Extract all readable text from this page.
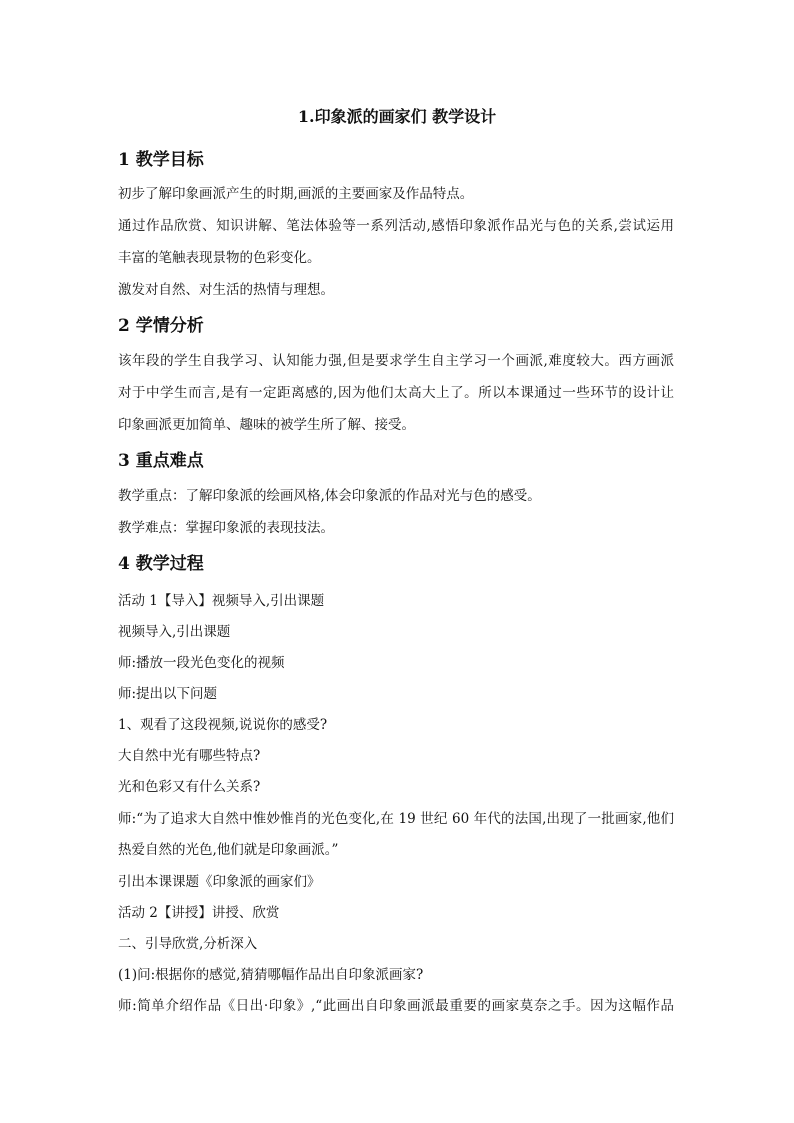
1.印象派的画家们 教学设计
1 教学目标
初步了解印象画派产生的时期,画派的主要画家及作品特点。
通过作品欣赏、知识讲解、笔法体验等一系列活动,感悟印象派作品光与色的关系,尝试运用
丰富的笔触表现景物的色彩变化。
激发对自然、对生活的热情与理想。
2 学情分析
该年段的学生自我学习、认知能力强,但是要求学生自主学习一个画派,难度较大。西方画派
对于中学生而言,是有一定距离感的,因为他们太高大上了。所以本课通过一些环节的设计让
印象画派更加简单、趣味的被学生所了解、接受。
3 重点难点
教学重点：了解印象派的绘画风格,体会印象派的作品对光与色的感受。
教学难点：掌握印象派的表现技法。
4 教学过程
活动 1【导入】视频导入,引出课题
视频导入,引出课题
师:播放一段光色变化的视频
师:提出以下问题
1、观看了这段视频,说说你的感受?
大自然中光有哪些特点?
光和色彩又有什么关系?
师:“为了追求大自然中惟妙惟肖的光色变化,在 19 世纪 60 年代的法国,出现了一批画家,他们
热爱自然的光色,他们就是印象画派。”
引出本课课题《印象派的画家们》
活动 2【讲授】讲授、欣赏
二、引导欣赏,分析深入
(1)问:根据你的感觉,猜猜哪幅作品出自印象派画家?
师:简单介绍作品《日出·印象》,“此画出自印象画派最重要的画家莫奈之手。因为这幅作品
